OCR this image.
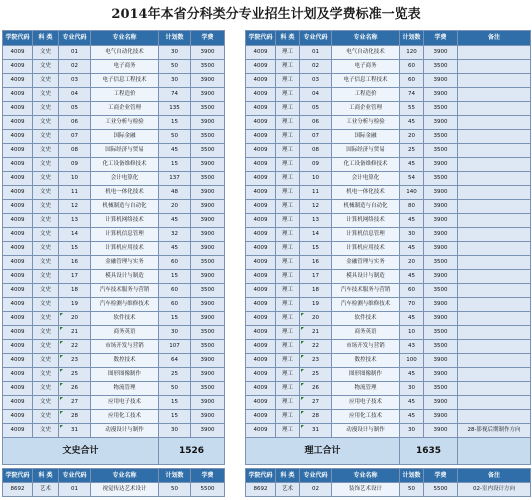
2014年本省分科类分专业招生计划及学费标准一览表
学院代码	科 类	专业代码	专业名称	计划数	学费
4009	文史	01	电气自动化技术	30	3900
4009	文史	02	电子商务	50	3500
4009	文史	03	电子信息工程技术	30	3900
4009	文史	04	工程造价	74	3900
4009	文史	05	工商企业管理	135	3500
4009	文史	06	工业分析与检验	15	3900
4009	文史	07	国际金融	50	3500
4009	文史	08	国际经济与贸易	45	3500
4009	文史	09	化工设备维修技术	15	3900
4009	文史	10	会计电算化	137	3500
4009	文史	11	机电一体化技术	48	3900
4009	文史	12	机械制造与自动化	20	3900
4009	文史	13	计算机网络技术	45	3900
4009	文史	14	计算机信息管理	32	3900
4009	文史	15	计算机应用技术	45	3900
4009	文史	16	金融管理与实务	60	3500
4009	文史	17	模具设计与制造	15	3900
4009	文史	18	汽车技术服务与营销	60	3500
4009	文史	19	汽车检测与维修技术	60	3900
4009	文史	20	软件技术	15	3900
4009	文史	21	商务英语	30	3500
4009	文史	22	市场开发与营销	107	3500
4009	文史	23	数控技术	64	3900
4009	文史	25	图形图像制作	25	3900
4009	文史	26	物流管理	50	3500
4009	文史	27	应用电子技术	15	3900
4009	文史	28	应用化工技术	15	3900
4009	文史	31	动漫设计与制作	30	3900
文史合计				1526	

学院代码	科 类	专业代码	专业名称	计划数	学费
8692	艺术	01	视觉传达艺术设计	50	5500
学院代码	科 类	专业代码	专业名称	计划数	学费	备注
4009	理工	01	电气自动化技术	120	3900	
4009	理工	02	电子商务	60	3500	
4009	理工	03	电子信息工程技术	60	3900	
4009	理工	04	工程造价	74	3900	
4009	理工	05	工商企业管理	55	3500	
4009	理工	06	工业分析与检验	45	3900	
4009	理工	07	国际金融	20	3500	
4009	理工	08	国际经济与贸易	25	3500	
4009	理工	09	化工设备维修技术	45	3900	
4009	理工	10	会计电算化	54	3500	
4009	理工	11	机电一体化技术	140	3900	
4009	理工	12	机械制造与自动化	80	3900	
4009	理工	13	计算机网络技术	45	3900	
4009	理工	14	计算机信息管理	30	3900	
4009	理工	15	计算机应用技术	45	3900	
4009	理工	16	金融管理与实务	20	3500	
4009	理工	17	模具设计与制造	45	3900	
4009	理工	18	汽车技术服务与营销	60	3500	
4009	理工	19	汽车检测与维修技术	70	3900	
4009	理工	20	软件技术	45	3900	
4009	理工	21	商务英语	10	3500	
4009	理工	22	市场开发与营销	43	3500	
4009	理工	23	数控技术	100	3900	
4009	理工	25	图形图像制作	45	3900	
4009	理工	26	物流管理	30	3500	
4009	理工	27	应用电子技术	45	3900	
4009	理工	28	应用化工技术	45	3900	
4009	理工	31	动漫设计与制作	30	3900	28-影视后期制作方向
理工合计				1635		

学院代码	科 类	专业代码	专业名称	计划数	学费	备注
8692	艺术	02	装饰艺术设计	50	5500	02-室内设计方向
